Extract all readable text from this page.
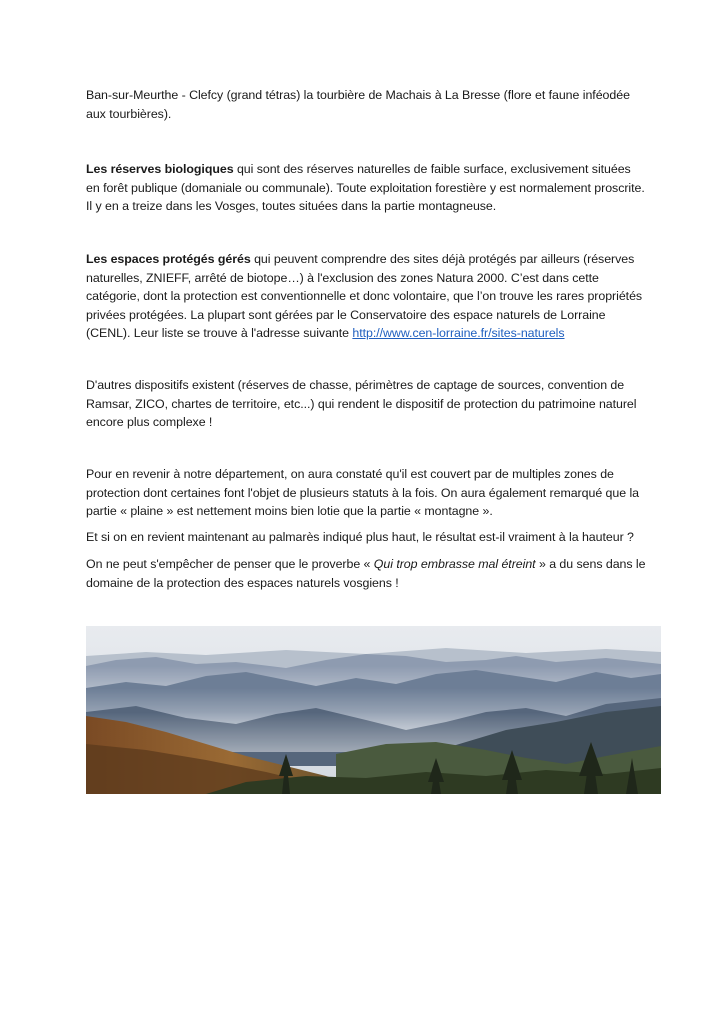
Ban-sur-Meurthe - Clefcy (grand tétras) la tourbière de Machais à La Bresse (flore et faune inféodée aux tourbières).

Les réserves biologiques qui sont des réserves naturelles de faible surface, exclusivement situées en forêt publique (domaniale ou communale). Toute exploitation forestière y est normalement proscrite. Il y en a treize dans les Vosges, toutes situées dans la partie montagneuse.

Les espaces protégés gérés qui peuvent comprendre des sites déjà protégés par ailleurs (réserves naturelles, ZNIEFF, arrêté de biotope…) à l'exclusion des zones Natura 2000. C’est dans cette catégorie, dont la protection est conventionnelle et donc volontaire, que l’on trouve les rares propriétés privées protégées. La plupart sont gérées par le Conservatoire des espace naturels de Lorraine (CENL). Leur liste se trouve à l'adresse suivante http://www.cen-lorraine.fr/sites-naturels

D'autres dispositifs existent (réserves de chasse, périmètres de captage de sources, convention de Ramsar, ZICO, chartes de territoire, etc...) qui rendent le dispositif de protection du patrimoine naturel encore plus complexe !

Pour en revenir à notre département, on aura constaté qu'il est couvert par de multiples zones de protection dont certaines font l'objet de plusieurs statuts à la fois. On aura également remarqué que la partie « plaine » est nettement moins bien lotie que la partie « montagne ».

Et si on en revient maintenant au palmarès indiqué plus haut, le résultat est-il vraiment à la hauteur ?

On ne peut s'empêcher de penser que le proverbe « Qui trop embrasse mal étreint » a du sens dans le domaine de la protection des espaces naturels vosgiens !
